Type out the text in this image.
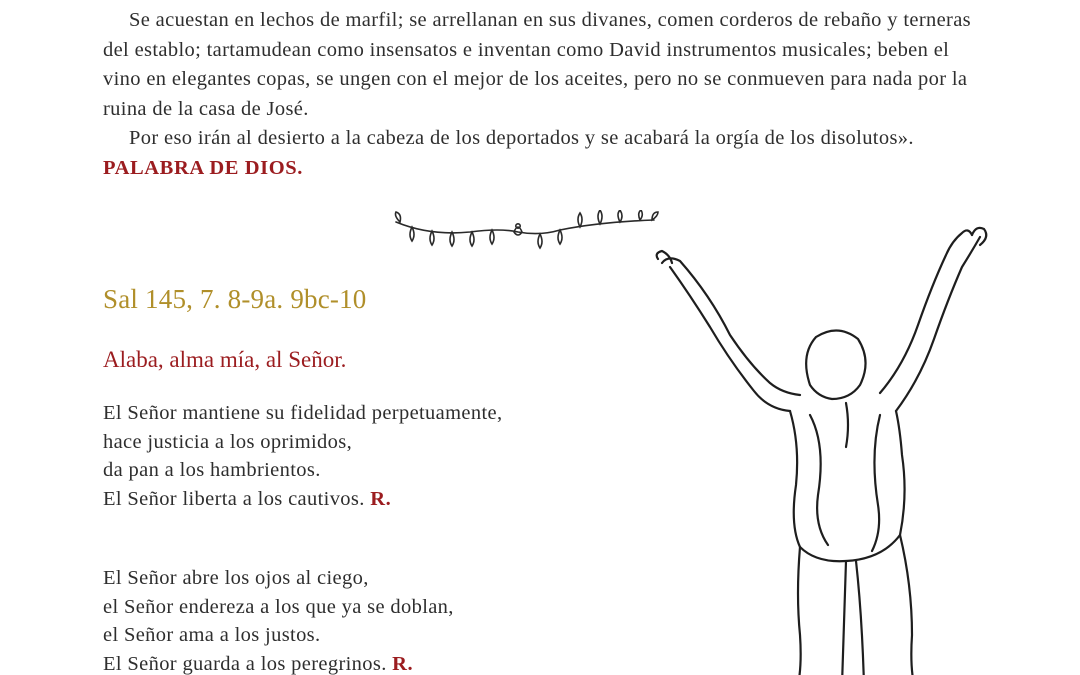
Se acuestan en lechos de marfil; se arrellanan en sus divanes, comen corderos de rebaño y terneras del establo; tartamudean como insensatos e inventan como David instrumentos musicales; beben el vino en elegantes copas, se ungen con el mejor de los aceites, pero no se conmueven para nada por la ruina de la casa de José.

Por eso irán al desierto a la cabeza de los deportados y se acabará la orgía de los disolutos». PALABRA DE DIOS.

Sal 145, 7. 8-9a. 9bc-10
Alaba, alma mía, al Señor.
El Señor mantiene su fidelidad perpetuamente,
hace justicia a los oprimidos,
da pan a los hambrientos.
El Señor liberta a los cautivos. R.
El Señor abre los ojos al ciego,
el Señor endereza a los que ya se doblan,
el Señor ama a los justos.
El Señor guarda a los peregrinos. R.
